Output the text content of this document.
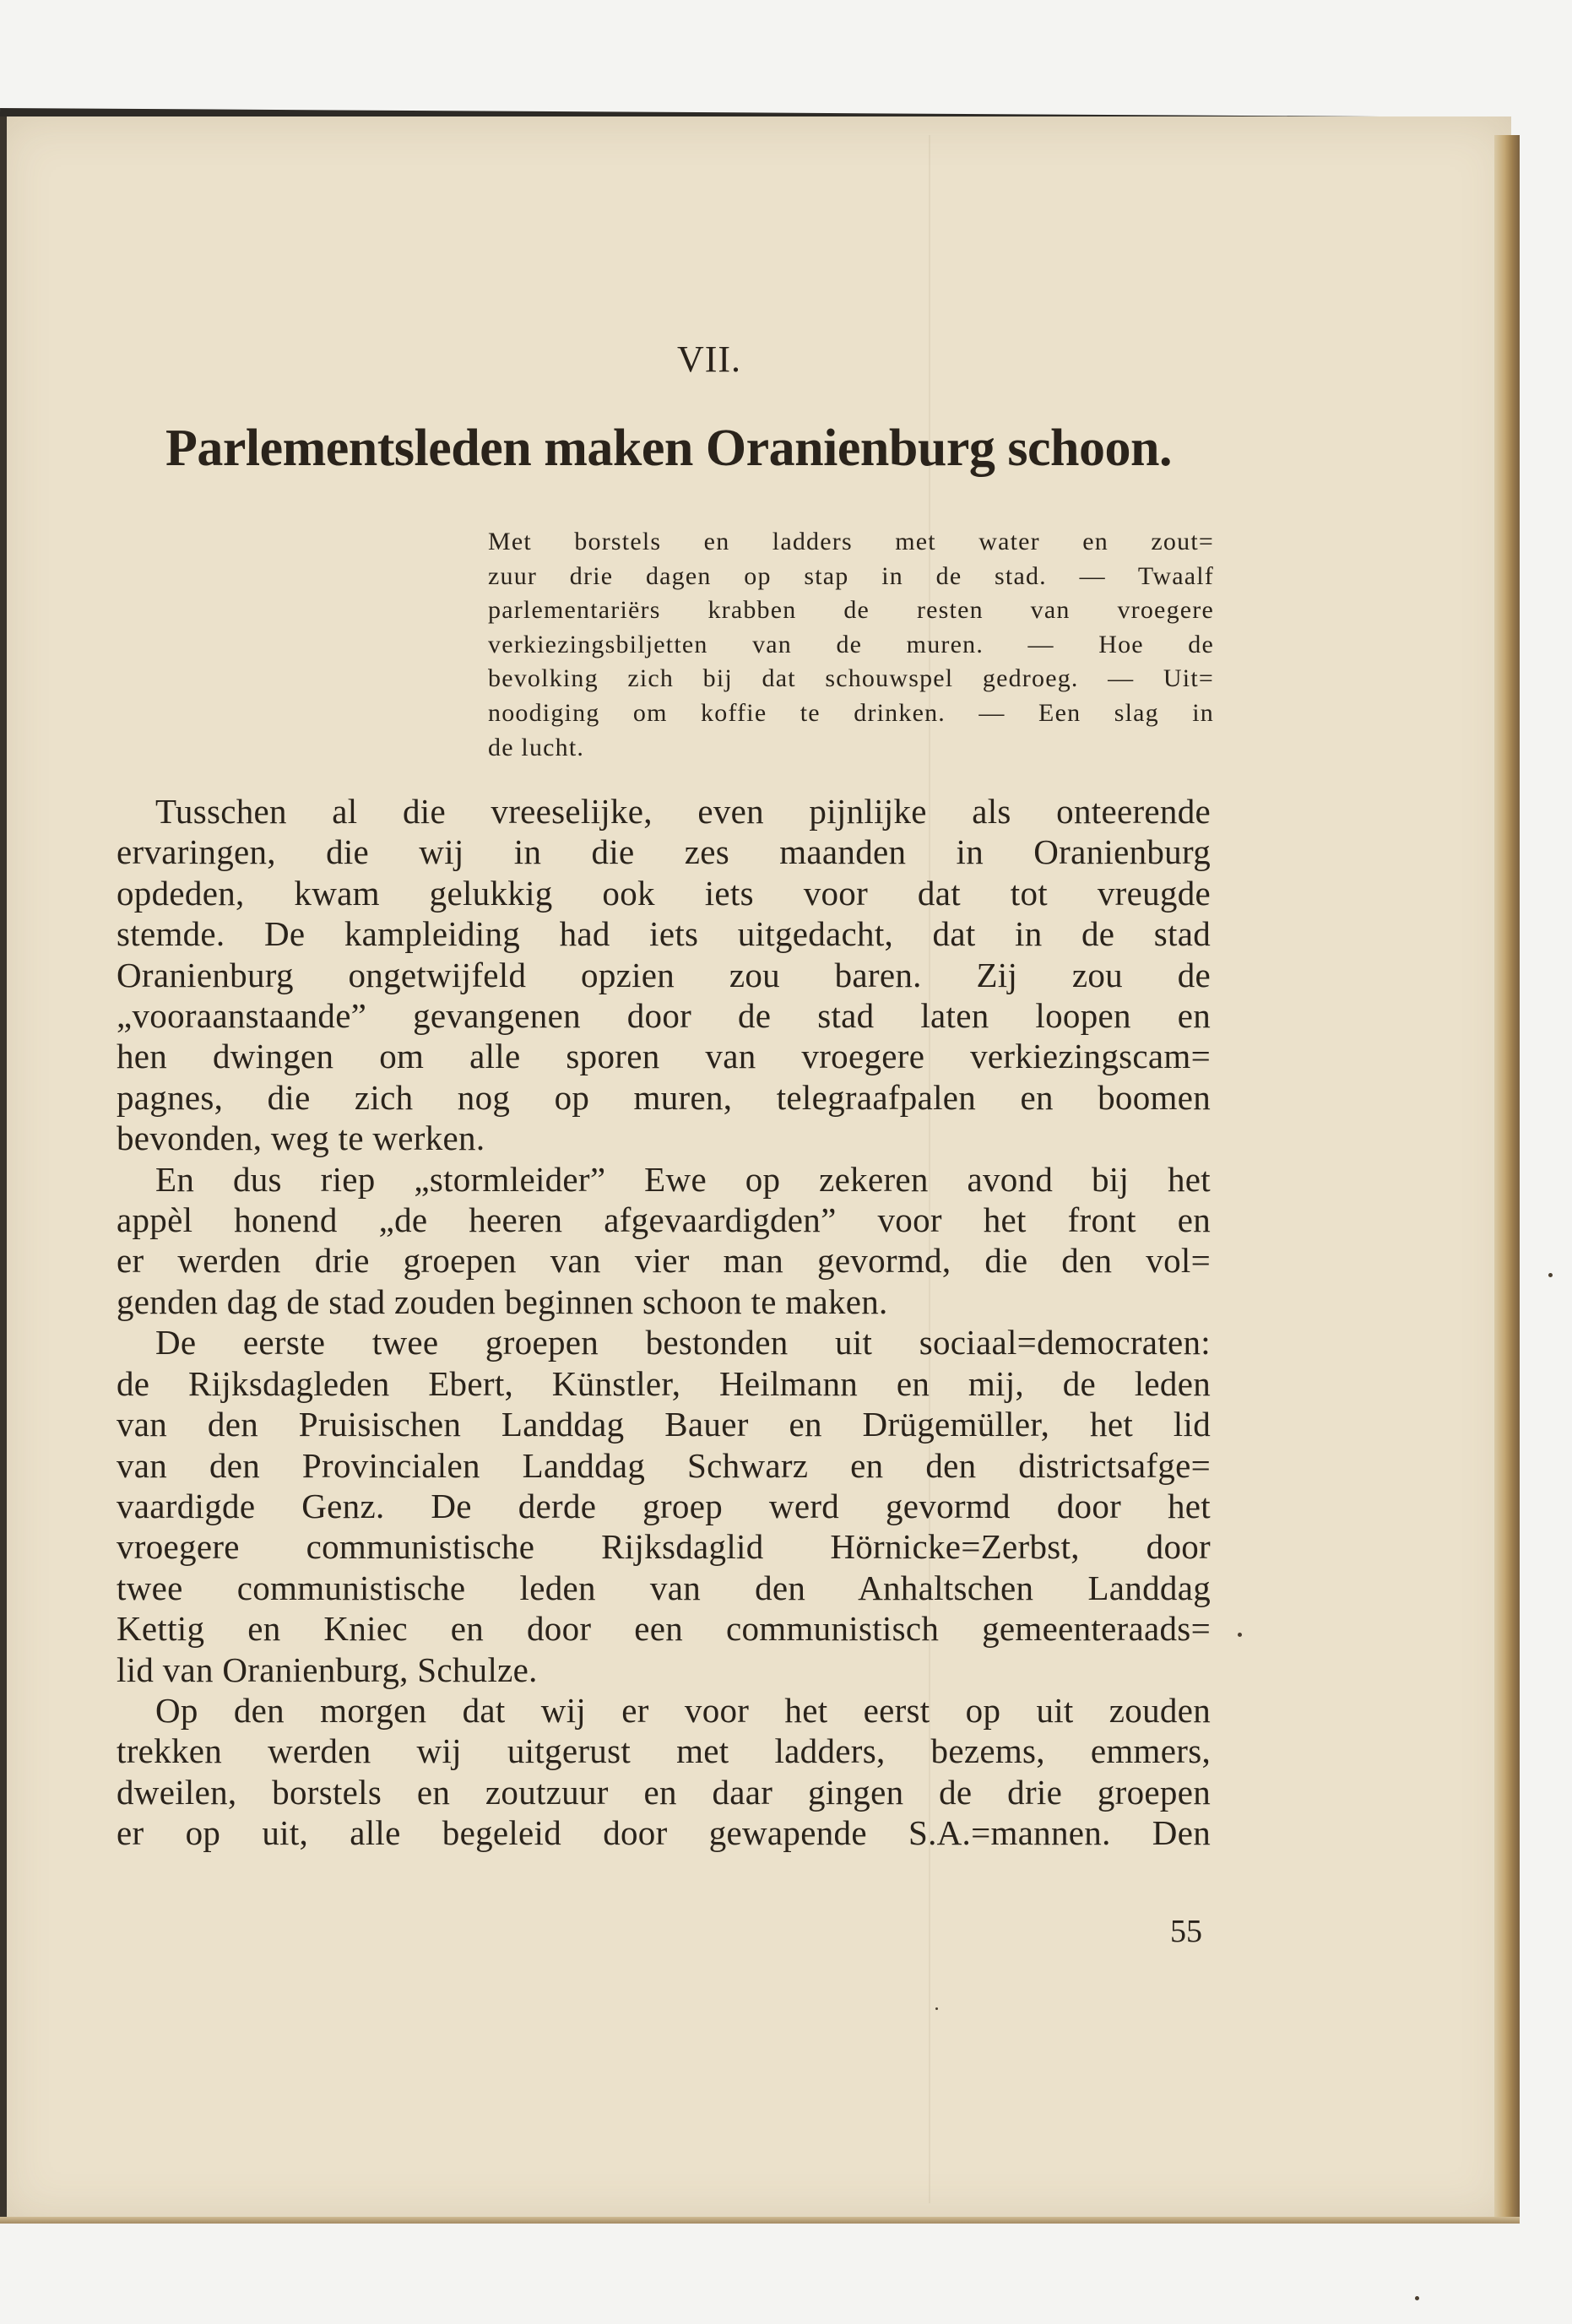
VII.
Parlementsleden maken Oranienburg schoon.
Met borstels en ladders met water en zout=
zuur drie dagen op stap in de stad. — Twaalf
parlementariërs krabben de resten van vroegere
verkiezingsbiljetten van de muren. — Hoe de
bevolking zich bij dat schouwspel gedroeg. — Uit=
noodiging om koffie te drinken. — Een slag in
de lucht.
Tusschen al die vreeselijke, even pijnlijke als onteerende
ervaringen, die wij in die zes maanden in Oranienburg
opdeden, kwam gelukkig ook iets voor dat tot vreugde
stemde. De kampleiding had iets uitgedacht, dat in de stad
Oranienburg ongetwijfeld opzien zou baren. Zij zou de
„vooraanstaande” gevangenen door de stad laten loopen en
hen dwingen om alle sporen van vroegere verkiezingscam=
pagnes, die zich nog op muren, telegraafpalen en boomen
bevonden, weg te werken.
En dus riep „stormleider” Ewe op zekeren avond bij het
appèl honend „de heeren afgevaardigden” voor het front en
er werden drie groepen van vier man gevormd, die den vol=
genden dag de stad zouden beginnen schoon te maken.
De eerste twee groepen bestonden uit sociaal=democraten:
de Rijksdagleden Ebert, Künstler, Heilmann en mij, de leden
van den Pruisischen Landdag Bauer en Drügemüller, het lid
van den Provincialen Landdag Schwarz en den districtsafge=
vaardigde Genz. De derde groep werd gevormd door het
vroegere communistische Rijksdaglid Hörnicke=Zerbst, door
twee communistische leden van den Anhaltschen Landdag
Kettig en Kniec en door een communistisch gemeenteraads=
lid van Oranienburg, Schulze.
Op den morgen dat wij er voor het eerst op uit zouden
trekken werden wij uitgerust met ladders, bezems, emmers,
dweilen, borstels en zoutzuur en daar gingen de drie groepen
er op uit, alle begeleid door gewapende S.A.=mannen. Den
55
